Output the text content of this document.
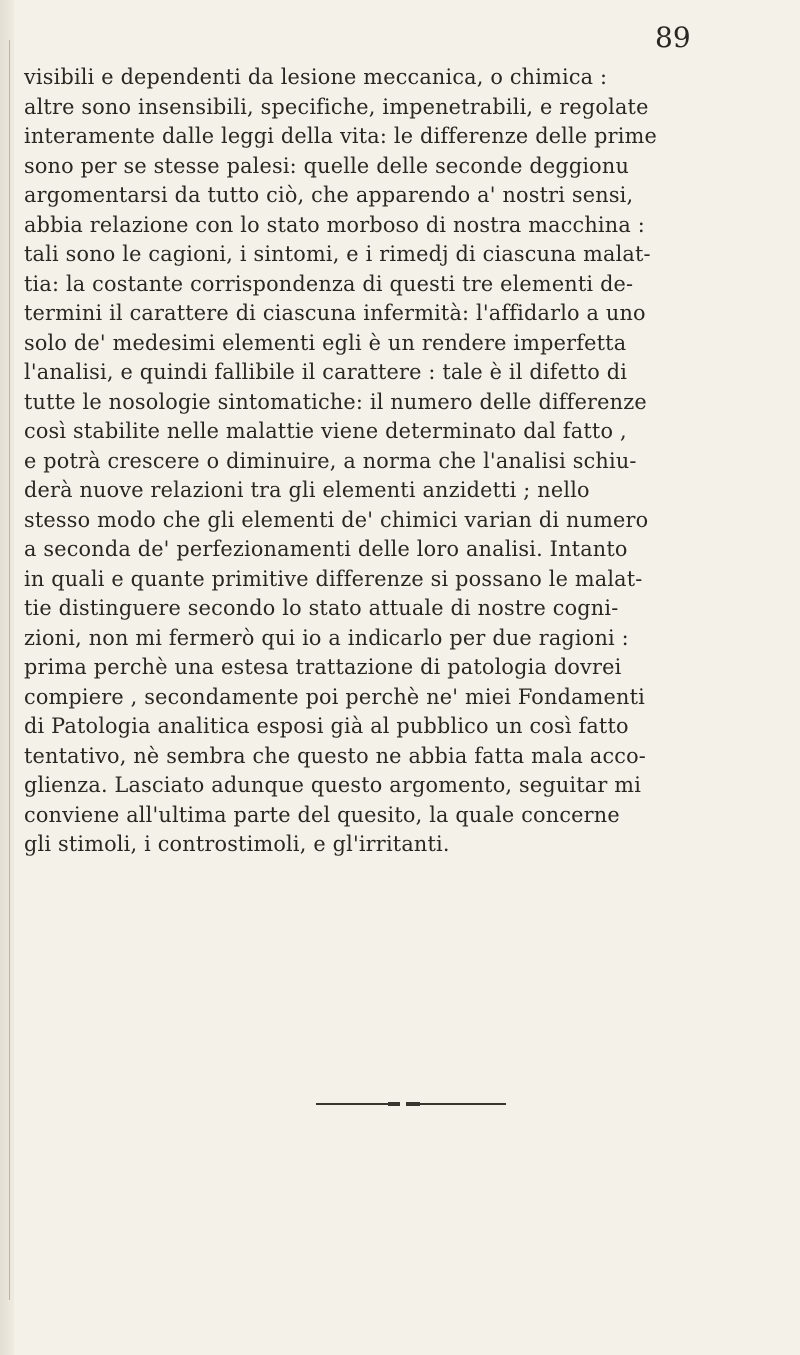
89
visibili e dependenti da lesione meccanica, o chimica :
altre sono insensibili, specifiche, impenetrabili, e regolate
interamente dalle leggi della vita: le differenze delle prime
sono per se stesse palesi: quelle delle seconde deggionu
argomentarsi da tutto ciò, che apparendo a' nostri sensi,
abbia relazione con lo stato morboso di nostra macchina :
tali sono le cagioni, i sintomi, e i rimedj di ciascuna malat-
tia: la costante corrispondenza di questi tre elementi de-
termini il carattere di ciascuna infermità: l'affidarlo a uno
solo de' medesimi elementi egli è un rendere imperfetta
l'analisi, e quindi fallibile il carattere : tale è il difetto di
tutte le nosologie sintomatiche: il numero delle differenze
così stabilite nelle malattie viene determinato dal fatto ,
e potrà crescere o diminuire, a norma che l'analisi schiu-
derà nuove relazioni tra gli elementi anzidetti ; nello
stesso modo che gli elementi de' chimici varian di numero
a seconda de' perfezionamenti delle loro analisi. Intanto
in quali e quante primitive differenze si possano le malat-
tie distinguere secondo lo stato attuale di nostre cogni-
zioni, non mi fermerò qui io a indicarlo per due ragioni :
prima perchè una estesa trattazione di patologia dovrei
compiere , secondamente poi perchè ne' miei Fondamenti
di Patologia analitica esposi già al pubblico un così fatto
tentativo, nè sembra che questo ne abbia fatta mala acco-
glienza. Lasciato adunque questo argomento, seguitar mi
conviene all'ultima parte del quesito, la quale concerne
gli stimoli, i controstimoli, e gl'irritanti.
